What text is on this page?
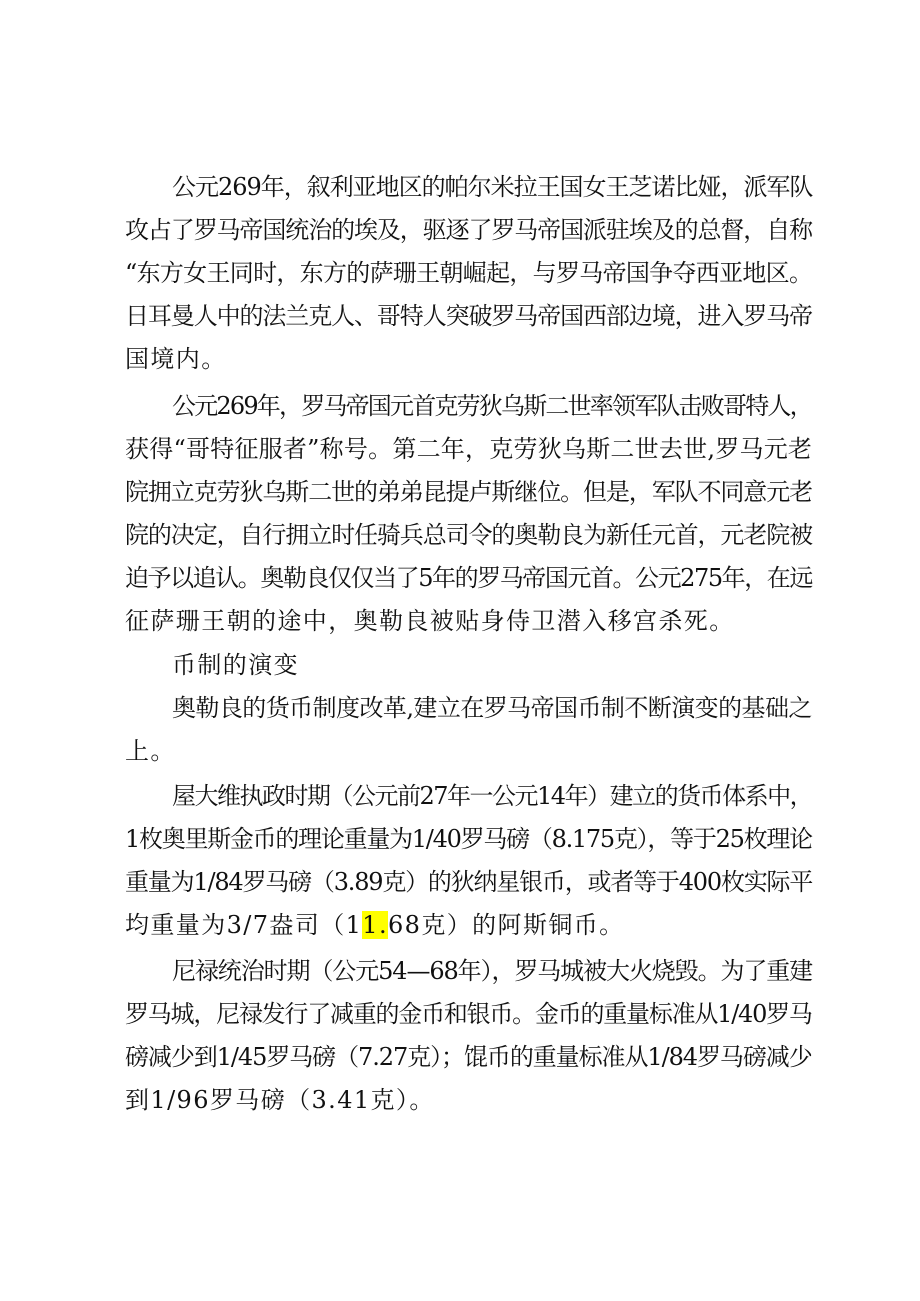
公元269年，叙利亚地区的帕尔米拉王国女王芝诺比娅，派军队
攻占了罗马帝国统治的埃及，驱逐了罗马帝国派驻埃及的总督，自称
“东方女王同时，东方的萨珊王朝崛起，与罗马帝国争夺西亚地区。
日耳曼人中的法兰克人、哥特人突破罗马帝国西部边境，进入罗马帝
国境内。
公元269年，罗马帝国元首克劳狄乌斯二世率领军队击败哥特人，
获得“哥特征服者”称号。第二年，克劳狄乌斯二世去世,罗马元老
院拥立克劳狄乌斯二世的弟弟昆提卢斯继位。但是，军队不同意元老
院的决定，自行拥立时任骑兵总司令的奥勒良为新任元首，元老院被
迫予以追认。奥勒良仅仅当了5年的罗马帝国元首。公元275年，在远
征萨珊王朝的途中，奥勒良被贴身侍卫潜入移宫杀死。
币制的演变
奥勒良的货币制度改革,建立在罗马帝国币制不断演变的基础之
上。
屋大维执政时期（公元前27年一公元14年）建立的货币体系中，
1枚奥里斯金币的理论重量为1/40罗马磅（8.175克），等于25枚理论
重量为1/84罗马磅（3.89克）的狄纳星银币，或者等于400枚实际平
均重量为3/7盎司（11.68克）的阿斯铜币。
尼禄统治时期（公元54—68年），罗马城被大火烧毁。为了重建
罗马城，尼禄发行了减重的金币和银币。金币的重量标准从1/40罗马
磅减少到1/45罗马磅（7.27克）；馄币的重量标准从1/84罗马磅减少
到1/96罗马磅（3.41克）。
